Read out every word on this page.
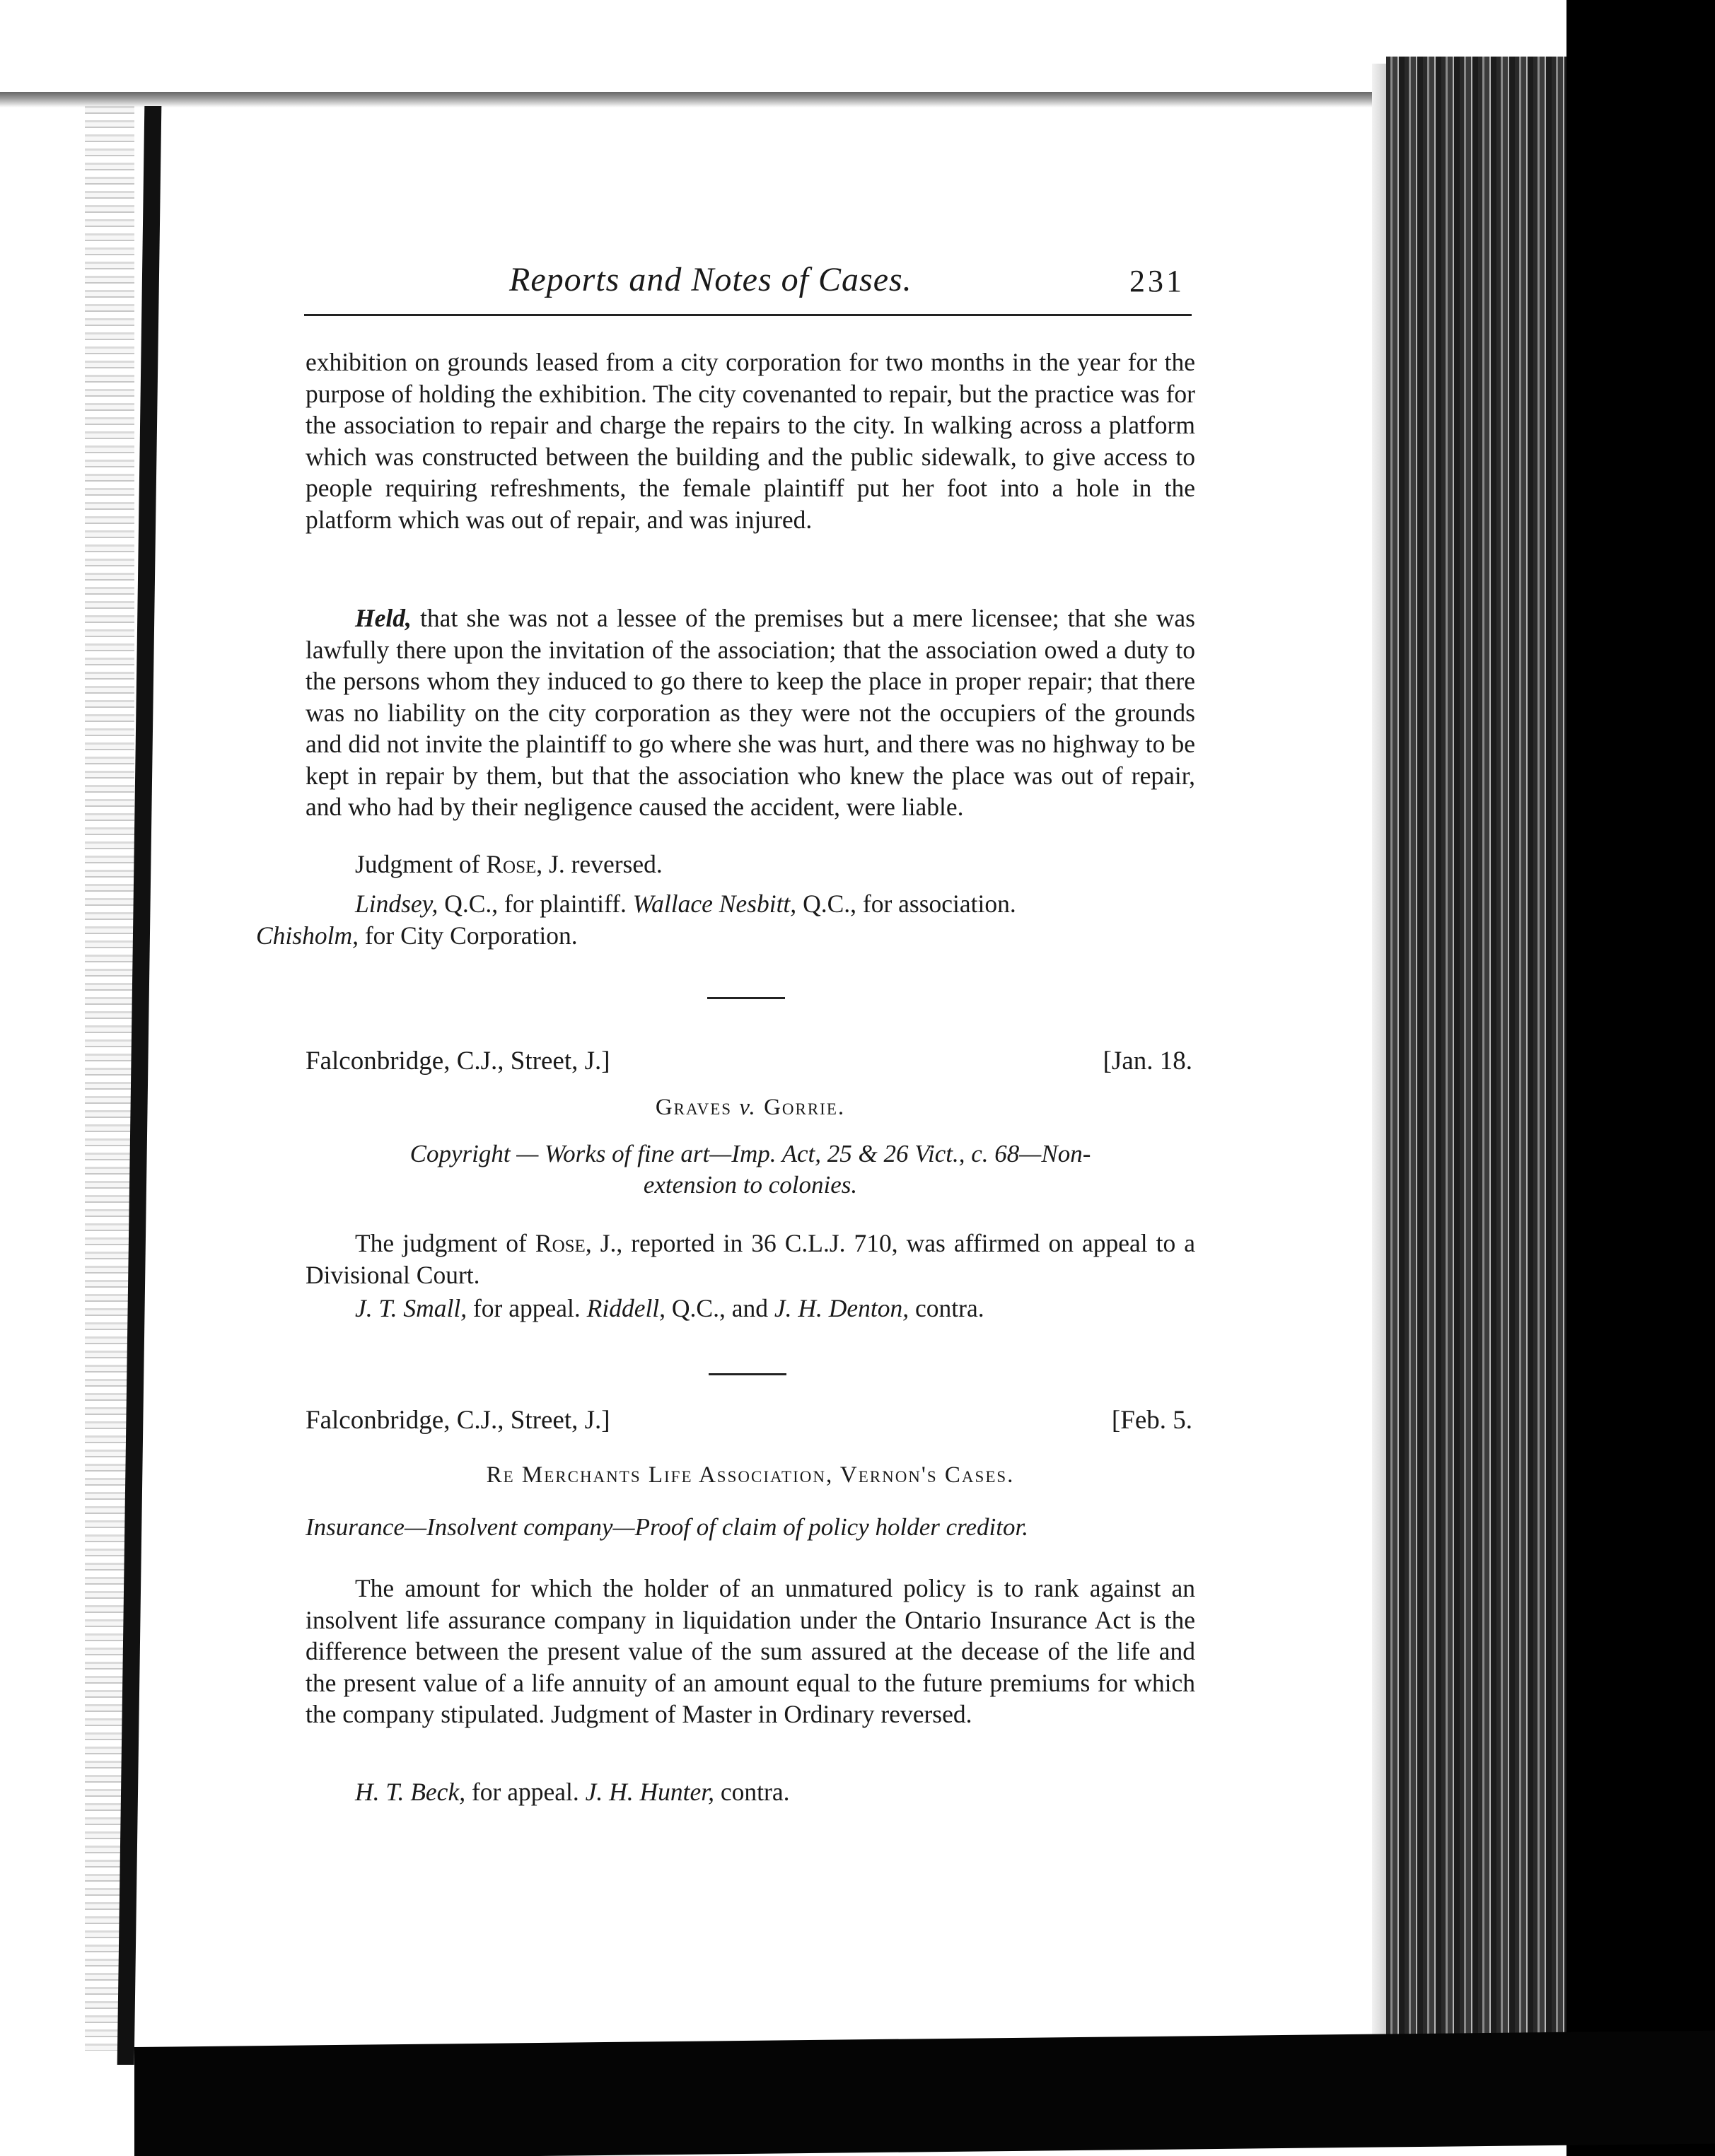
Reports and Notes of Cases.	231

exhibition on grounds leased from a city corporation for two months in the year for the purpose of holding the exhibition. The city covenanted to repair, but the practice was for the association to repair and charge the repairs to the city. In walking across a platform which was constructed between the building and the public sidewalk, to give access to people requiring refreshments, the female plaintiff put her foot into a hole in the platform which was out of repair, and was injured.

Held, that she was not a lessee of the premises but a mere licensee; that she was lawfully there upon the invitation of the association; that the association owed a duty to the persons whom they induced to go there to keep the place in proper repair; that there was no liability on the city corporation as they were not the occupiers of the grounds and did not invite the plaintiff to go where she was hurt, and there was no highway to be kept in repair by them, but that the association who knew the place was out of repair, and who had by their negligence caused the accident, were liable.

Judgment of Rose, J. reversed.

Lindsey, Q.C., for plaintiff. Wallace Nesbitt, Q.C., for association.
Chisholm, for City Corporation.

Falconbridge, C.J., Street, J.]	[Jan. 18.
Graves v. Gorrie.
Copyright — Works of fine art—Imp. Act, 25 & 26 Vict., c. 68—Non-
extension to colonies.

The judgment of Rose, J., reported in 36 C.L.J. 710, was affirmed on appeal to a Divisional Court.

J. T. Small, for appeal. Riddell, Q.C., and J. H. Denton, contra.

Falconbridge, C.J., Street, J.]	[Feb. 5.
Re Merchants Life Association, Vernon's Cases.
Insurance—Insolvent company—Proof of claim of policy holder creditor.

The amount for which the holder of an unmatured policy is to rank against an insolvent life assurance company in liquidation under the Ontario Insurance Act is the difference between the present value of the sum assured at the decease of the life and the present value of a life annuity of an amount equal to the future premiums for which the company stipulated. Judgment of Master in Ordinary reversed.

H. T. Beck, for appeal. J. H. Hunter, contra.
